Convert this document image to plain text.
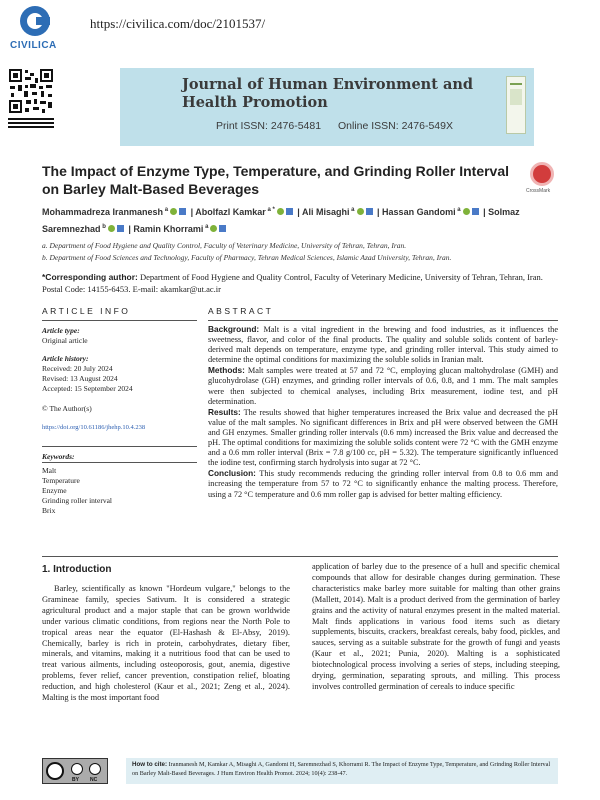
CIVILICA
https://civilica.com/doc/2101537/
Journal of Human Environment and
Health Promotion
Print ISSN: 2476-5481 Online ISSN: 2476-549X
The Impact of Enzyme Type, Temperature, and Grinding Roller Interval on Barley Malt-Based Beverages	CrossMark
Mohammadreza Iranmanesh $^a$ | Abolfazl Kamkar $^{a *}$ | Ali Misaghi $^a$ | Hassan Gandomi $^a$ | Solmaz
Saremnezhad $^b$ | Ramin Khorrami $^a$
a. Department of Food Hygiene and Quality Control, Faculty of Veterinary Medicine, University of Tehran, Tehran, Iran.
b. Department of Food Sciences and Technology, Faculty of Pharmacy, Tehran Medical Sciences, Islamic Azad University, Tehran, Iran.
*Corresponding author: Department of Food Hygiene and Quality Control, Faculty of Veterinary Medicine, University of Tehran, Tehran, Iran. Postal Code: 14155-6453. E-mail: akamkar@ut.ac.ir
ARTICLE INFO	ABSTRACT
Article type:
Original article
Article history:
Received: 20 July 2024
Revised: 13 August 2024
Accepted: 15 September 2024
© The Author(s)
https://doi.org/10.61186/jhehp.10.4.238
Keywords:
Malt
Temperature
Enzyme
Grinding roller interval
Brix

Background: Malt is a vital ingredient in the brewing and food industries, as it influences the sweetness, flavor, and color of the final products. The quality and soluble solids content of barley-derived malt depends on temperature, enzyme type, and grinding roller interval. This study aimed to determine the optimal conditions for maximizing the soluble solids in Iranian malt.

Methods: Malt samples were treated at 57 and 72 °C, employing glucan maltohydrolase (GMH) and glucohydrolase (GH) enzymes, and grinding roller intervals of 0.6, 0.8, and 1 mm. The malt samples were then subjected to chemical analyses, including Brix measurement, iodine test, and pH determination.

Results: The results showed that higher temperatures increased the Brix value and decreased the pH value of the malt samples. No significant differences in Brix and pH were observed between the GMH and GH enzymes. Smaller grinding roller intervals (0.6 mm) increased the Brix value and decreased the pH. The optimal conditions for maximizing the soluble solids content were 72 °C with the GMH enzyme and a 0.6 mm roller interval (Brix = 7.8 g/100 cc, pH = 5.32). The temperature significantly influenced the iodine test, confirming starch hydrolysis into sugar at 72 °C.

Conclusion: This study recommends reducing the grinding roller interval from 0.8 to 0.6 mm and increasing the temperature from 57 to 72 °C to significantly enhance the malting process. Therefore, using a 72 °C temperature and 0.6 mm roller gap is advised for better malting efficiency.

1. Introduction
Barley, scientifically as known "Hordeum vulgare," belongs to the Gramineae family, species Sativum. It is considered a strategic agricultural product and a major staple that can be grown worldwide under various climatic conditions, from regions near the North Pole to tropical areas near the equator (El-Hashash & El-Absy, 2019). Chemically, barley is rich in protein, carbohydrates, dietary fiber, minerals, and vitamins, making it a nutritious food that can be used to treat various ailments, including osteoporosis, gout, anemia, digestive problems, fever relief, cancer prevention, constipation relief, bloating reduction, and high cholesterol (Kaur et al., 2021; Zeng et al., 2024). Malting is the most important food
application of barley due to the presence of a hull and specific chemical compounds that allow for desirable changes during germination. These characteristics make barley more suitable for malting than other grains (Mallett, 2014). Malt is a product derived from the germination of barley grains and the activity of natural enzymes present in the malted material. Malt finds applications in various food items such as dietary supplements, biscuits, crackers, breakfast cereals, baby food, pickles, and sauces, serving as a suitable substrate for the growth of fungi and yeasts (Kaur et al., 2021; Punia, 2020). Malting is a sophisticated biotechnological process involving a series of steps, including steeping, drying, germination, separating sprouts, and milling. This process involves controlled germination of cereals to induce specific
BY NC
How to cite: Iranmanesh M, Kamkar A, Misaghi A, Gandomi H, Saremnezhad S, Khorrami R. The Impact of Enzyme Type, Temperature, and Grinding Roller Interval on Barley Malt-Based Beverages. J Hum Environ Health Promot. 2024; 10(4): 238-47.
